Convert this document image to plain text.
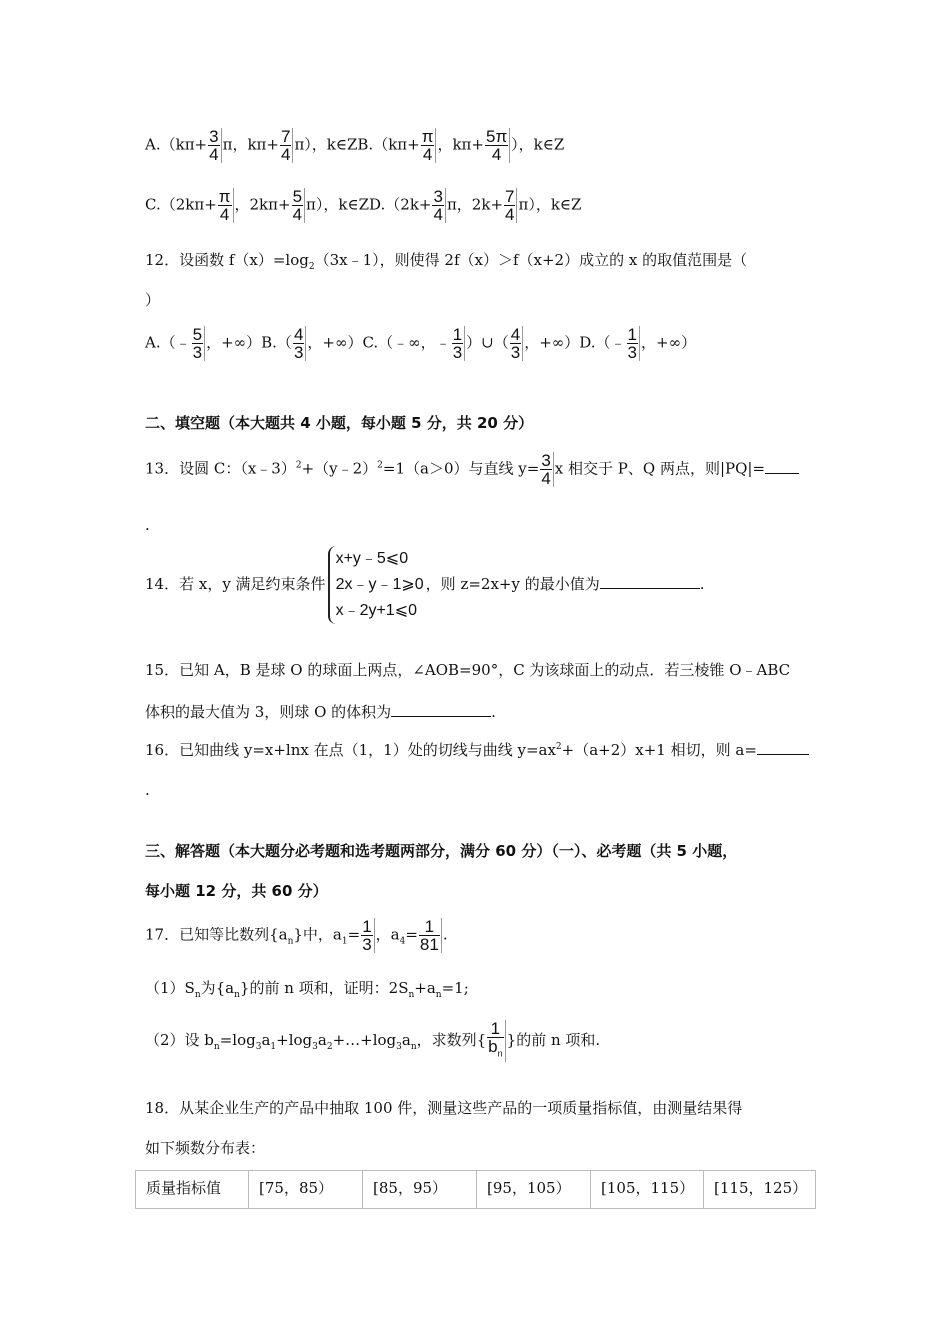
$A.(k\pi+ \frac{3}{4}$ π，$k\pi+ \frac{7}{4} \pi$），k∈ZB.（kπ+ $\frac{\pi}{4}$ ，$k\pi+ \frac{5\pi}{4}$ ），k∈Z
$C.(2k\pi+ \frac{\pi}{4}$ ，$2k\pi+ \frac{5}{4} \pi$），k∈ZD.（2k+ $\frac{3}{4}$ π，$2k+ \frac{7}{4} \pi$），k∈Z
12．设函数 $f(x)=\log_2(3x﹣1)$，则使得 2f（x）＞f（x+2）成立的 x 的取值范围是（
）
A.（﹣ $\frac{5}{3}$ ，$+\infty)B.( \frac{4}{3}$ ，+∞）C.（﹣∞，﹣ $\frac{1}{3}$ ）∪（ $\frac{4}{3}$ ，+∞）D.（﹣ $\frac{1}{3}$ ，+∞）
二、填空题（本大题共 4 小题，每小题 5 分，共 20 分）
13．设圆 C：（x﹣3）$^2$+（y﹣2）$^2$=1（a＞0）与直线 $y= \frac{3}{4}$ x 相交于 P、Q 两点，则|PQ|=
.
14．若 x，y 满足约束条件
x+y﹣5⩽0
2x﹣y﹣1⩾0
x﹣2y+1⩽0
，则 z=2x+y 的最小值为	.
15．已知 A，B 是球 O 的球面上两点，∠AOB=90°，C 为该球面上的动点．若三棱锥 O﹣ABC
体积的最大值为 3，则球 O 的体积为	.
16．已知曲线 y=x+lnx 在点（1，1）处的切线与曲线 $y=ax^2+(a+2)x+1$ 相切，则 a=
.
三、解答题（本大题分必考题和选考题两部分，满分 60 分）（一）、必考题（共 5 小题，
每小题 12 分，共 60 分）
17．已知等比数列$\{a_n\}$中，$a_1= \frac{1}{3}$ ，$a_4= \frac{1}{81}$ .
$(1)S_n$为$\{a_n\}$的前 n 项和，证明：$2S_n+a_n=1$;
（2）设 $b_n=\log_3a_1+\log_3a_2+\dots+\log_3a_n$，求数列{ $\frac{1}{b_n}$ }的前 n 项和.
18．从某企业生产的产品中抽取 100 件，测量这些产品的一项质量指标值，由测量结果得
如下频数分布表：
质量指标值	[75，85）	[85，95）	[95，105）	[105，115）	[115，125）
